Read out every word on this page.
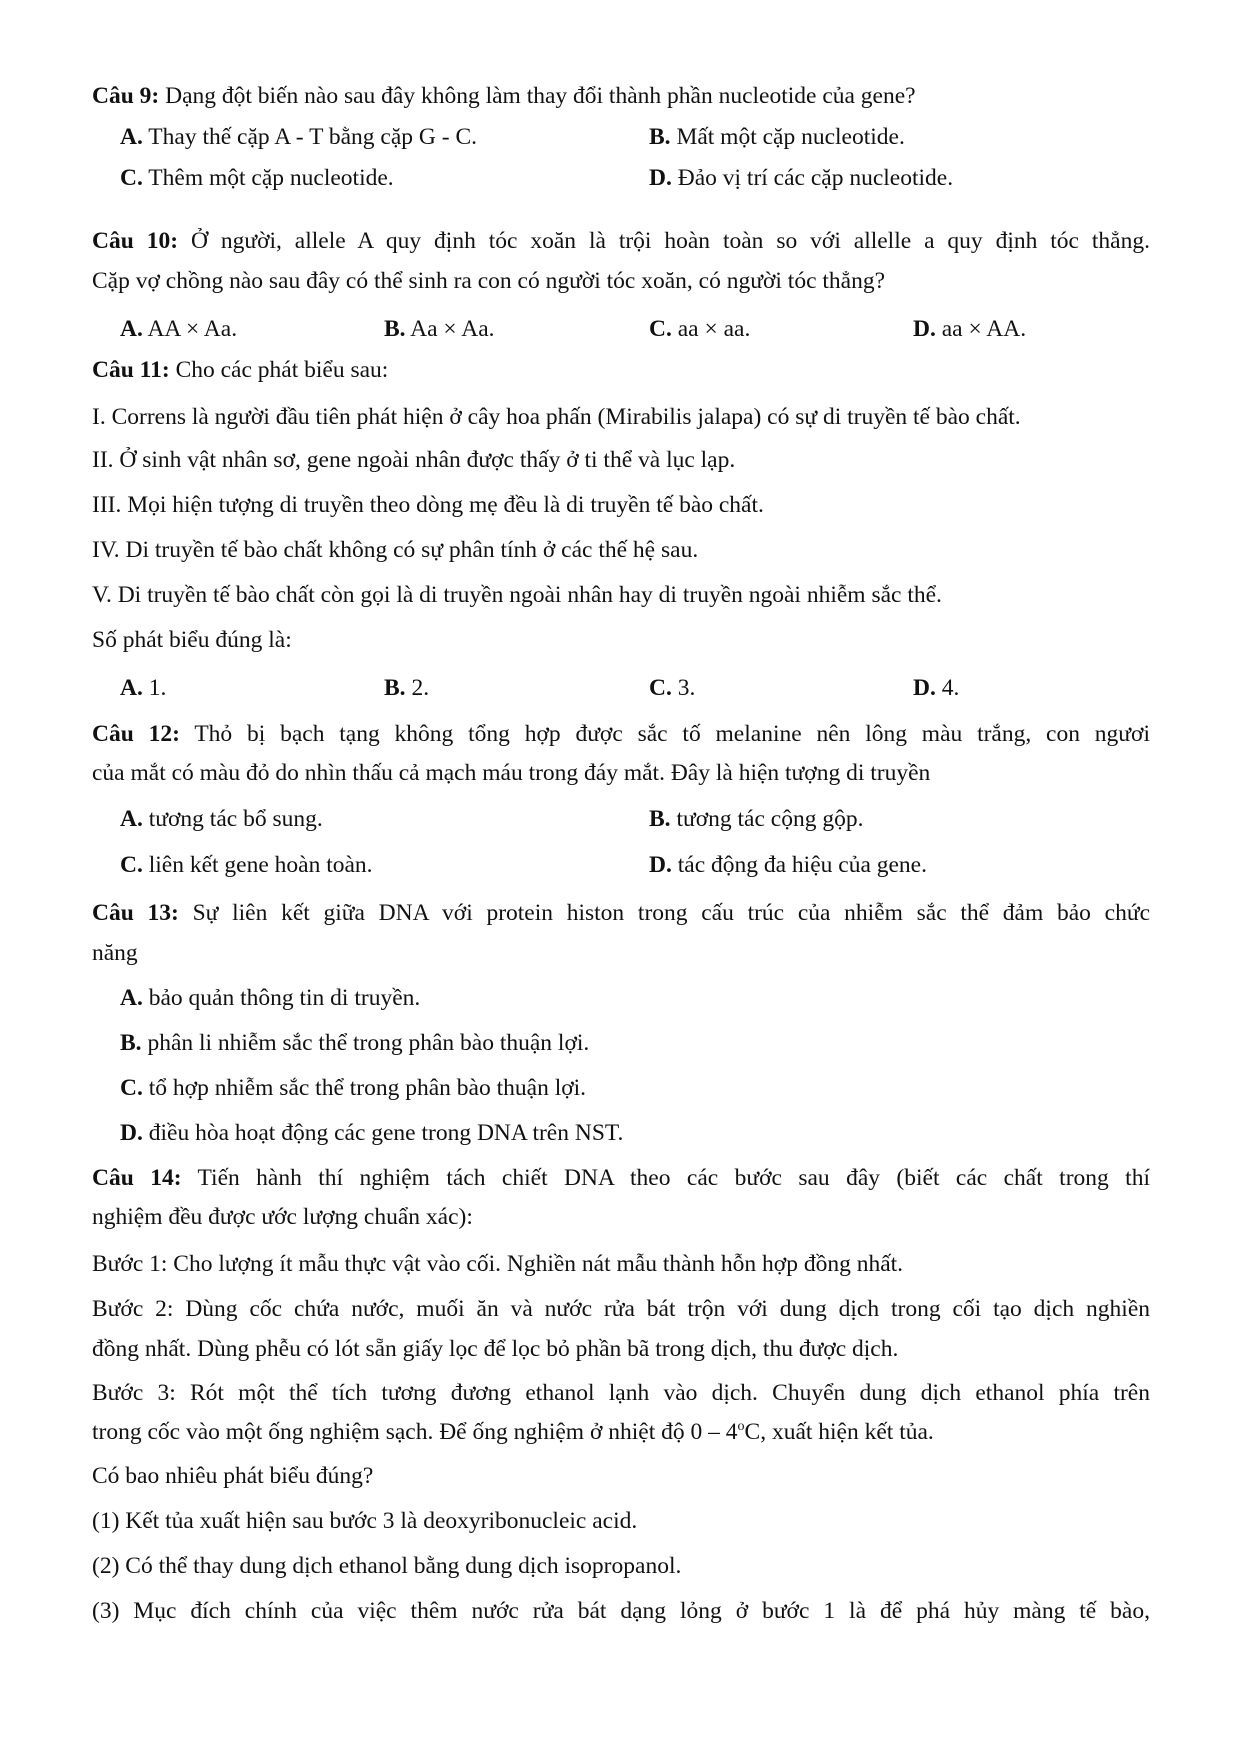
Câu 9: Dạng đột biến nào sau đây không làm thay đổi thành phần nucleotide của gene?
A. Thay thế cặp A - T bằng cặp G - C.	B. Mất một cặp nucleotide.
C. Thêm một cặp nucleotide.	D. Đảo vị trí các cặp nucleotide.
Câu 10: Ở người, allele A quy định tóc xoăn là trội hoàn toàn so với allelle a quy định tóc thẳng.
Cặp vợ chồng nào sau đây có thể sinh ra con có người tóc xoăn, có người tóc thẳng?
A. AA × Aa.	B. Aa × Aa.	C. aa × aa.	D. aa × AA.
Câu 11: Cho các phát biểu sau:
I. Correns là người đầu tiên phát hiện ở cây hoa phấn (Mirabilis jalapa) có sự di truyền tế bào chất.
II. Ở sinh vật nhân sơ, gene ngoài nhân được thấy ở ti thể và lục lạp.
III. Mọi hiện tượng di truyền theo dòng mẹ đều là di truyền tế bào chất.
IV. Di truyền tế bào chất không có sự phân tính ở các thế hệ sau.
V. Di truyền tế bào chất còn gọi là di truyền ngoài nhân hay di truyền ngoài nhiễm sắc thể.
Số phát biểu đúng là:
A. 1.	B. 2.	C. 3.	D. 4.
Câu 12: Thỏ bị bạch tạng không tổng hợp được sắc tố melanine nên lông màu trắng, con ngươi
của mắt có màu đỏ do nhìn thấu cả mạch máu trong đáy mắt. Đây là hiện tượng di truyền
A. tương tác bổ sung.	B. tương tác cộng gộp.
C. liên kết gene hoàn toàn.	D. tác động đa hiệu của gene.
Câu 13: Sự liên kết giữa DNA với protein histon trong cấu trúc của nhiễm sắc thể đảm bảo chức
năng
A. bảo quản thông tin di truyền.
B. phân li nhiễm sắc thể trong phân bào thuận lợi.
C. tổ hợp nhiễm sắc thể trong phân bào thuận lợi.
D. điều hòa hoạt động các gene trong DNA trên NST.
Câu 14: Tiến hành thí nghiệm tách chiết DNA theo các bước sau đây (biết các chất trong thí
nghiệm đều được ước lượng chuẩn xác):
Bước 1: Cho lượng ít mẫu thực vật vào cối. Nghiền nát mẫu thành hỗn hợp đồng nhất.
Bước 2: Dùng cốc chứa nước, muối ăn và nước rửa bát trộn với dung dịch trong cối tạo dịch nghiền
đồng nhất. Dùng phễu có lót sẵn giấy lọc để lọc bỏ phần bã trong dịch, thu được dịch.
Bước 3: Rót một thể tích tương đương ethanol lạnh vào dịch. Chuyển dung dịch ethanol phía trên
trong cốc vào một ống nghiệm sạch. Để ống nghiệm ở nhiệt độ 0 – 4$^o$C, xuất hiện kết tủa.
Có bao nhiêu phát biểu đúng?
(1) Kết tủa xuất hiện sau bước 3 là deoxyribonucleic acid.
(2) Có thể thay dung dịch ethanol bằng dung dịch isopropanol.
(3) Mục đích chính của việc thêm nước rửa bát dạng lỏng ở bước 1 là để phá hủy màng tế bào,
